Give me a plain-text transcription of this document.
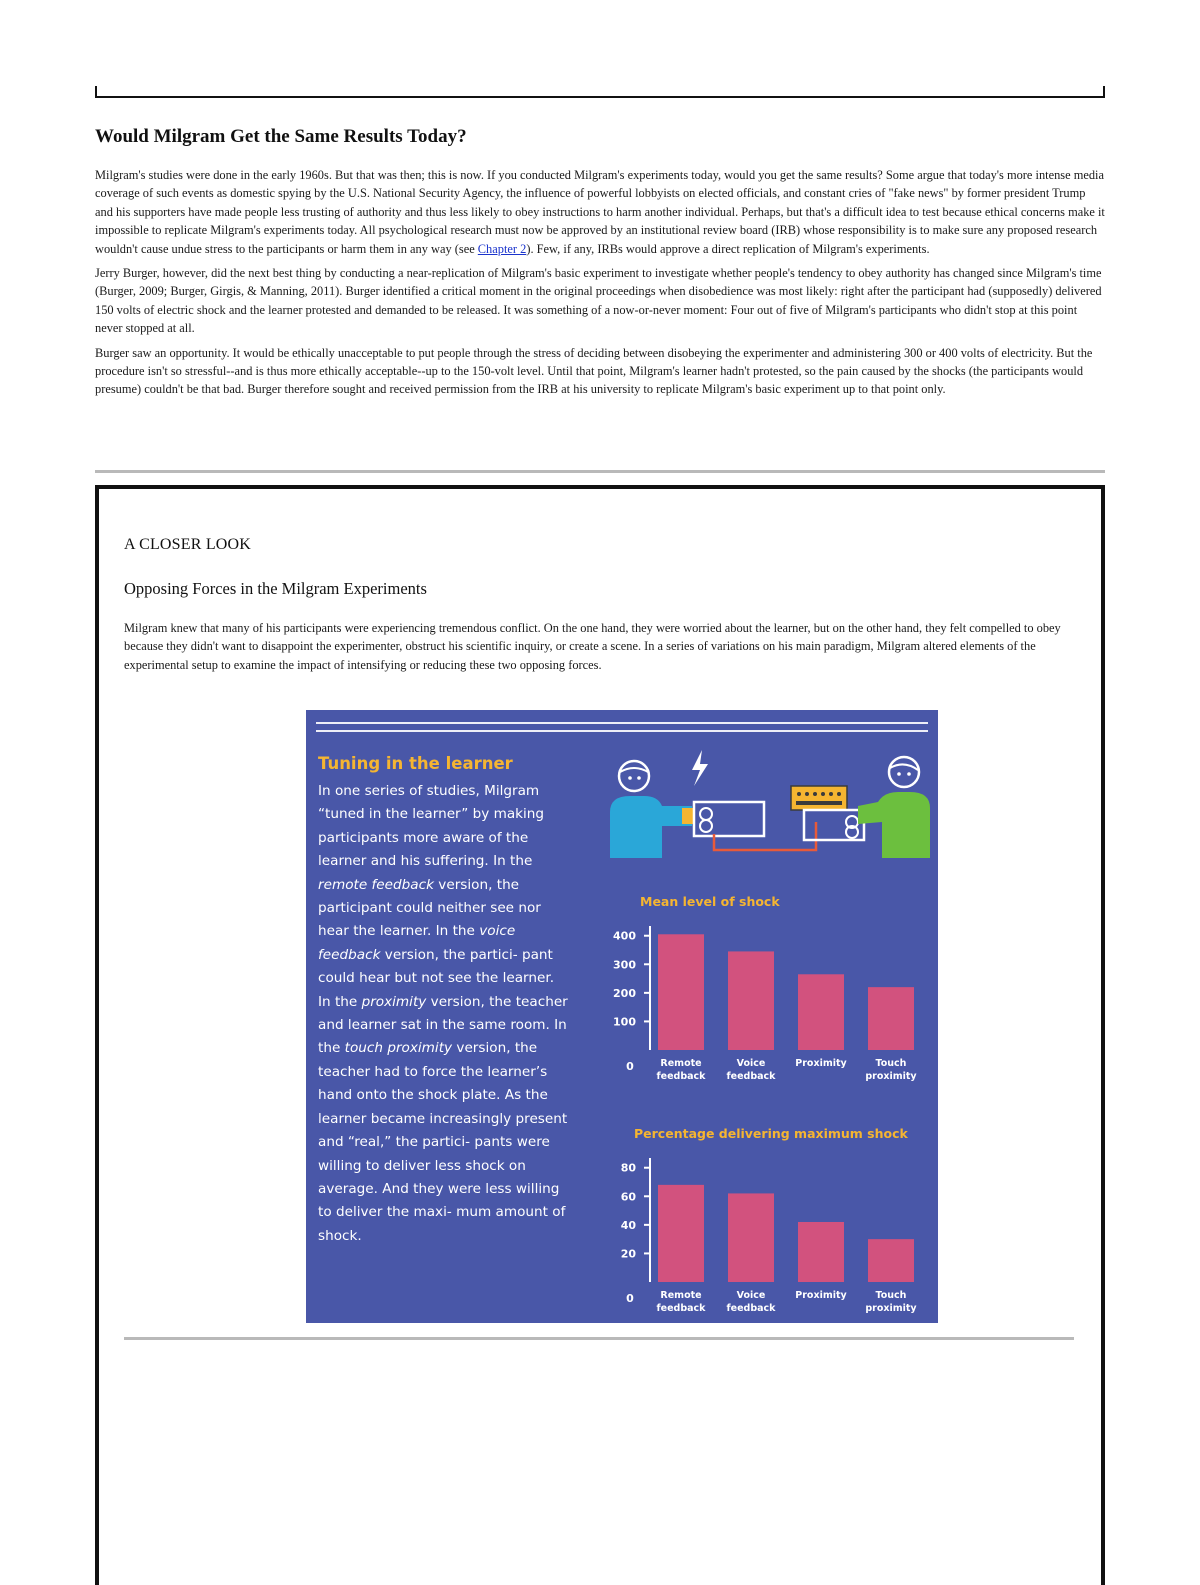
Would Milgram Get the Same Results Today?

Milgram's studies were done in the early 1960s. But that was then; this is now. If you conducted Milgram's experiments today, would you get the same results? Some argue that today's more intense media coverage of such events as domestic spying by the U.S. National Security Agency, the influence of powerful lobbyists on elected officials, and constant cries of "fake news" by former president Trump and his supporters have made people less trusting of authority and thus less likely to obey instructions to harm another individual. Perhaps, but that's a difficult idea to test because ethical concerns make it impossible to replicate Milgram's experiments today. All psychological research must now be approved by an institutional review board (IRB) whose responsibility is to make sure any proposed research wouldn't cause undue stress to the participants or harm them in any way (see Chapter 2). Few, if any, IRBs would approve a direct replication of Milgram's experiments.

Jerry Burger, however, did the next best thing by conducting a near-replication of Milgram's basic experiment to investigate whether people's tendency to obey authority has changed since Milgram's time (Burger, 2009; Burger, Girgis, & Manning, 2011). Burger identified a critical moment in the original proceedings when disobedience was most likely: right after the participant had (supposedly) delivered 150 volts of electric shock and the learner protested and demanded to be released. It was something of a now-or-never moment: Four out of five of Milgram's participants who didn't stop at this point never stopped at all.

Burger saw an opportunity. It would be ethically unacceptable to put people through the stress of deciding between disobeying the experimenter and administering 300 or 400 volts of electricity. But the procedure isn't so stressful--and is thus more ethically acceptable--up to the 150-volt level. Until that point, Milgram's learner hadn't protested, so the pain caused by the shocks (the participants would presume) couldn't be that bad. Burger therefore sought and received permission from the IRB at his university to replicate Milgram's basic experiment up to that point only.

A CLOSER LOOK
Opposing Forces in the Milgram Experiments

Milgram knew that many of his participants were experiencing tremendous conflict. On the one hand, they were worried about the learner, but on the other hand, they felt compelled to obey because they didn't want to disappoint the experimenter, obstruct his scientific inquiry, or create a scene. In a series of variations on his main paradigm, Milgram altered elements of the experimental setup to examine the impact of intensifying or reducing these two opposing forces.

Tuning in the learner
In one series of studies, Milgram “tuned in the learner” by making participants more aware of the learner and his suffering. In the remote feedback version, the participant could neither see nor hear the learner. In the voice feedback version, the partici- pant could hear but not see the learner. In the proximity version, the teacher and learner sat in the same room. In the touch proximity version, the teacher had to force the learner’s hand onto the shock plate. As the learner became increasingly present and “real,” the partici- pants were willing to deliver less shock on average. And they were less willing to deliver the maxi- mum amount of shock.
Mean level of shock
0
100
200
300
400
Remote
feedback
Voice
feedback
Proximity	Touch
proximity
Percentage delivering maximum shock
0
20
40
60
80
Remote
feedback
Voice
feedback
Proximity	Touch
proximity
